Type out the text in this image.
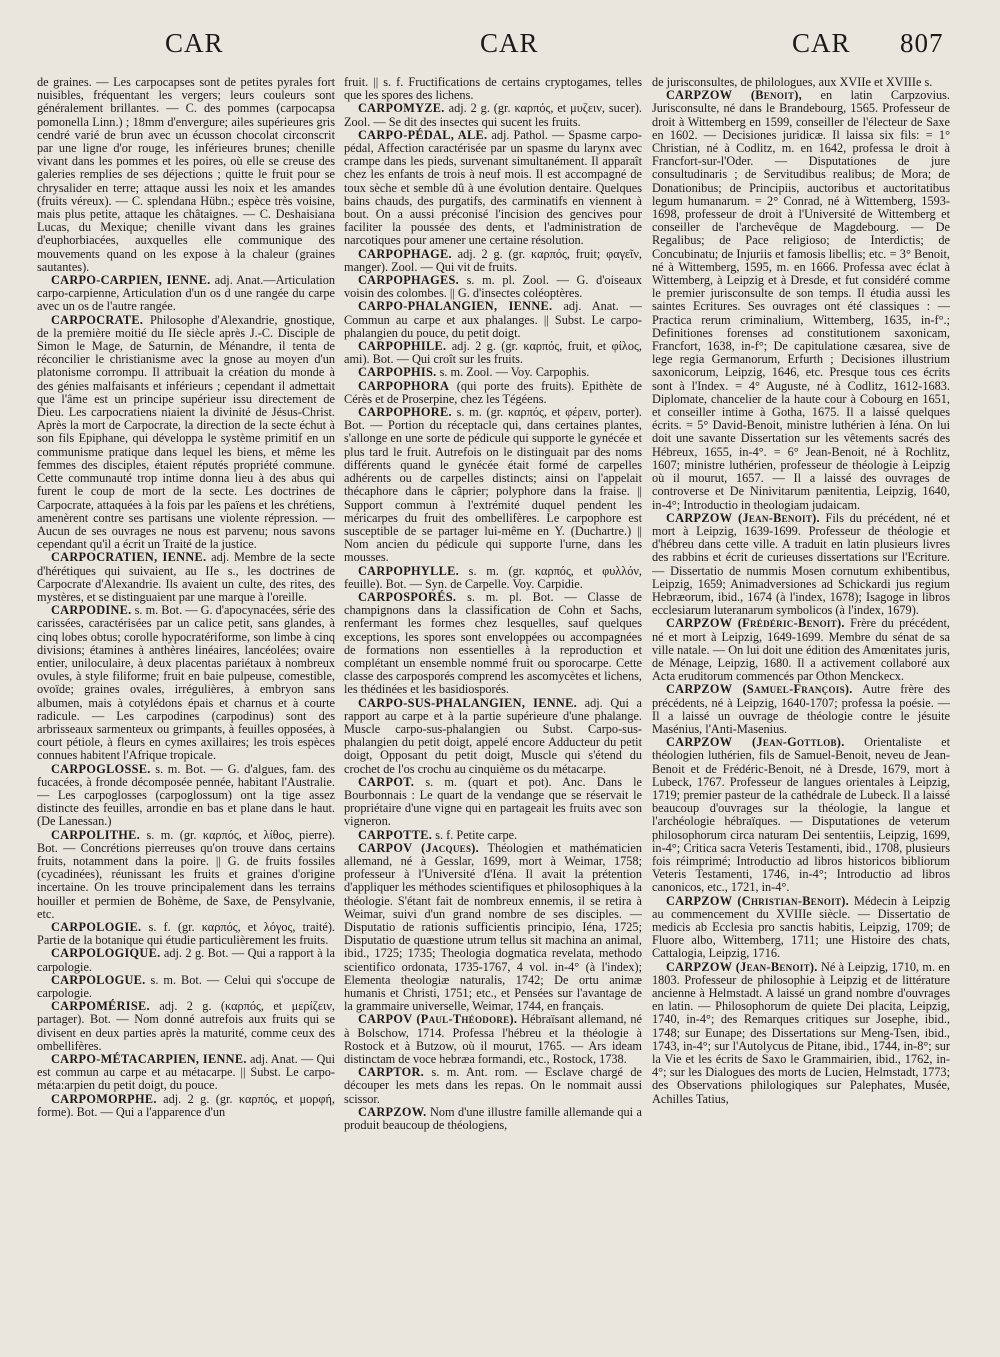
CAR	CAR	CAR 807

de graines. — Les carpocapses sont de petites pyrales fort nuisibles, fréquentant les vergers; leurs couleurs sont généralement brillantes. — C. des pommes (carpocapsa pomonella Linn.) ; 18mm d'envergure; ailes supérieures gris cendré varié de brun avec un écusson chocolat circonscrit par une ligne d'or rouge, les inférieures brunes; chenille vivant dans les pommes et les poires, où elle se creuse des galeries remplies de ses déjections ; quitte le fruit pour se chrysalider en terre; attaque aussi les noix et les amandes (fruits véreux). — C. splendana Hübn.; espèce très voisine, mais plus petite, attaque les châtaignes. — C. Deshaisiana Lucas, du Mexique; chenille vivant dans les graines d'euphorbiacées, auxquelles elle communique des mouvements quand on les expose à la chaleur (graines sautantes).

CARPO-CARPIEN, IENNE. adj. Anat.—Articulation carpo-carpienne, Articulation d'un os d une rangée du carpe avec un os de l'autre rangée.

CARPOCRATE. Philosophe d'Alexandrie, gnostique, de la première moitié du IIe siècle après J.-C. Disciple de Simon le Mage, de Saturnin, de Ménandre, il tenta de réconcilier le christianisme avec la gnose au moyen d'un platonisme corrompu. Il attribuait la création du monde à des génies malfaisants et inférieurs ; cependant il admettait que l'âme est un principe supérieur issu directement de Dieu. Les carpocratiens niaient la divinité de Jésus-Christ. Après la mort de Carpocrate, la direction de la secte échut à son fils Epiphane, qui développa le système primitif en un communisme pratique dans lequel les biens, et même les femmes des disciples, étaient réputés propriété commune. Cette communauté trop intime donna lieu à des abus qui furent le coup de mort de la secte. Les doctrines de Carpocrate, attaquées à la fois par les païens et les chrétiens, amenèrent contre ses partisans une violente répression. — Aucun de ses ouvrages ne nous est parvenu; nous savons cependant qu'il a écrit un Traité de la justice.

CARPOCRATIEN, IENNE. adj. Membre de la secte d'hérétiques qui suivaient, au IIe s., les doctrines de Carpocrate d'Alexandrie. Ils avaient un culte, des rites, des mystères, et se distinguaient par une marque à l'oreille.

CARPODINE. s. m. Bot. — G. d'apocynacées, série des carissées, caractérisées par un calice petit, sans glandes, à cinq lobes obtus; corolle hypocratériforme, son limbe à cinq divisions; étamines à anthères linéaires, lancéolées; ovaire entier, uniloculaire, à deux placentas pariétaux à nombreux ovules, à style filiforme; fruit en baie pulpeuse, comestible, ovoïde; graines ovales, irrégulières, à embryon sans albumen, mais à cotylédons épais et charnus et à courte radicule. — Les carpodines (carpodinus) sont des arbrisseaux sarmenteux ou grimpants, à feuilles opposées, à court pétiole, à fleurs en cymes axillaires; les trois espèces connues habitent l'Afrique tropicale.

CARPOGLOSSE. s. m. Bot. — G. d'algues, fam. des fucacées, à fronde décomposée pennée, habitant l'Australie. — Les carpoglosses (carpoglossum) ont la tige assez distincte des feuilles, arrondie en bas et plane dans le haut. (De Lanessan.)

CARPOLITHE. s. m. (gr. καρπός, et λίθος, pierre). Bot. — Concrétions pierreuses qu'on trouve dans certains fruits, notamment dans la poire. || G. de fruits fossiles (cycadinées), réunissant les fruits et graines d'origine incertaine. On les trouve principalement dans les terrains houiller et permien de Bohème, de Saxe, de Pensylvanie, etc.

CARPOLOGIE. s. f. (gr. καρπός, et λόγος, traité). Partie de la botanique qui étudie particulièrement les fruits.

CARPOLOGIQUE. adj. 2 g. Bot. — Qui a rapport à la carpologie.

CARPOLOGUE. s. m. Bot. — Celui qui s'occupe de carpologie.

CARPOMÉRISE. adj. 2 g. (καρπός, et μερίζειν, partager). Bot. — Nom donné autrefois aux fruits qui se divisent en deux parties après la maturité, comme ceux des ombellifères.

CARPO-MÉTACARPIEN, IENNE. adj. Anat. — Qui est commun au carpe et au métacarpe. || Subst. Le carpo-méta:arpien du petit doigt, du pouce.

CARPOMORPHE. adj. 2 g. (gr. καρπός, et μορφή, forme). Bot. — Qui a l'apparence d'un

fruit. || s. f. Fructifications de certains cryptogames, telles que les spores des lichens.

CARPOMYZE. adj. 2 g. (gr. καρπός, et μυζειν, sucer). Zool. — Se dit des insectes qui sucent les fruits.

CARPO-PÉDAL, ALE. adj. Pathol. — Spasme carpo-pédal, Affection caractérisée par un spasme du larynx avec crampe dans les pieds, survenant simultanément. Il apparaît chez les enfants de trois à neuf mois. Il est accompagné de toux sèche et semble dû à une évolution dentaire. Quelques bains chauds, des purgatifs, des carminatifs en viennent à bout. On a aussi préconisé l'incision des gencives pour faciliter la poussée des dents, et l'administration de narcotiques pour amener une certaine résolution.

CARPOPHAGE. adj. 2 g. (gr. καρπός, fruit; φαγεῖν, manger). Zool. — Qui vit de fruits.

CARPOPHAGES. s. m. pl. Zool. — G. d'oiseaux voisin des colombes. || G. d'insectes coléoptères.

CARPO-PHALANGIEN, IENNE. adj. Anat. — Commun au carpe et aux phalanges. || Subst. Le carpo-phalangien du pouce, du petit doigt.

CARPOPHILE. adj. 2 g. (gr. καρπός, fruit, et φίλος, ami). Bot. — Qui croît sur les fruits.

CARPOPHIS. s. m. Zool. — Voy. Carpophis.

CARPOPHORA (qui porte des fruits). Epithète de Cérès et de Proserpine, chez les Tégéens.

CARPOPHORE. s. m. (gr. καρπός, et φέρειν, porter). Bot. — Portion du réceptacle qui, dans certaines plantes, s'allonge en une sorte de pédicule qui supporte le gynécée et plus tard le fruit. Autrefois on le distinguait par des noms différents quand le gynécée était formé de carpelles adhérents ou de carpelles distincts; ainsi on l'appelait thécaphore dans le câprier; polyphore dans la fraise. || Support commun à l'extrémité duquel pendent les méricarpes du fruit des ombellifères. Le carpophore est susceptible de se partager lui-même en Y. (Duchartre.) || Nom ancien du pédicule qui supporte l'urne, dans les mousses.

CARPOPHYLLE. s. m. (gr. καρπός, et φυλλόν, feuille). Bot. — Syn. de Carpelle. Voy. Carpidie.

CARPOSPORÉS. s. m. pl. Bot. — Classe de champignons dans la classification de Cohn et Sachs, renfermant les formes chez lesquelles, sauf quelques exceptions, les spores sont enveloppées ou accompagnées de formations non essentielles à la reproduction et complétant un ensemble nommé fruit ou sporocarpe. Cette classe des carposporés comprend les ascomycètes et lichens, les thédinées et les basidiosporés.

CARPO-SUS-PHALANGIEN, IENNE. adj. Qui a rapport au carpe et à la partie supérieure d'une phalange. Muscle carpo-sus-phalangien ou Subst. Carpo-sus-phalangien du petit doigt, appelé encore Adducteur du petit doigt, Opposant du petit doigt, Muscle qui s'étend du crochet de l'os crochu au cinquième os du métacarpe.

CARPOT. s. m. (quart et pot). Anc. Dans le Bourbonnais : Le quart de la vendange que se réservait le propriétaire d'une vigne qui en partageait les fruits avec son vigneron.

CARPOTTE. s. f. Petite carpe.

CARPOV (Jacques). Théologien et mathématicien allemand, né à Gesslar, 1699, mort à Weimar, 1758; professeur à l'Université d'Iéna. Il avait la prétention d'appliquer les méthodes scientifiques et philosophiques à la théologie. S'étant fait de nombreux ennemis, il se retira à Weimar, suivi d'un grand nombre de ses disciples. — Disputatio de rationis sufficientis principio, Iéna, 1725; Disputatio de quæstione utrum tellus sit machina an animal, ibid., 1725; 1735; Theologia dogmatica revelata, methodo scientifico ordonata, 1735-1767, 4 vol. in-4° (à l'index); Elementa theologiæ naturalis, 1742; De ortu animæ humanis et Christi, 1751; etc., et Pensées sur l'avantage de la grammaire universelle, Weimar, 1744, en français.

CARPOV (Paul-Théodore). Hébraïsant allemand, né à Bolschow, 1714. Professa l'hébreu et la théologie à Rostock et à Butzow, où il mourut, 1765. — Ars ideam distinctam de voce hebræa formandi, etc., Rostock, 1738.

CARPTOR. s. m. Ant. rom. — Esclave chargé de découper les mets dans les repas. On le nommait aussi scissor.

CARPZOW. Nom d'une illustre famille allemande qui a produit beaucoup de théologiens,

de jurisconsultes, de philologues, aux XVIIe et XVIIIe s.

CARPZOW (Benoit), en latin Carpzovius. Jurisconsulte, né dans le Brandebourg, 1565. Professeur de droit à Wittemberg en 1599, conseiller de l'électeur de Saxe en 1602. — Decisiones juridicæ. Il laissa six fils: = 1° Christian, né à Codlitz, m. en 1642, professa le droit à Francfort-sur-l'Oder. — Disputationes de jure consultudinaris ; de Servitudibus realibus; de Mora; de Donationibus; de Principiis, auctoribus et auctoritatibus legum humanarum. = 2° Conrad, né à Wittemberg, 1593-1698, professeur de droit à l'Université de Wittemberg et conseiller de l'archevêque de Magdebourg. — De Regalibus; de Pace religioso; de Interdictis; de Concubinatu; de Injuriis et famosis libellis; etc. = 3° Benoit, né à Wittemberg, 1595, m. en 1666. Professa avec éclat à Wittemberg, à Leipzig et à Dresde, et fut considéré comme le premier jurisconsulte de son temps. Il étudia aussi les saintes Ecritures. Ses ouvrages ont été classiques : — Practica rerum criminalium, Wittemberg, 1635, in-f°.; Definitiones forenses ad constitutionem saxonicam, Francfort, 1638, in-f°; De capitulatione cæsarea, sive de lege regia Germanorum, Erfurth ; Decisiones illustrium saxonicorum, Leipzig, 1646, etc. Presque tous ces écrits sont à l'Index. = 4° Auguste, né à Codlitz, 1612-1683. Diplomate, chancelier de la haute cour à Cobourg en 1651, et conseiller intime à Gotha, 1675. Il a laissé quelques écrits. = 5° David-Benoit, ministre luthérien à Iéna. On lui doit une savante Dissertation sur les vêtements sacrés des Hébreux, 1655, in-4°. = 6° Jean-Benoit, né à Rochlitz, 1607; ministre luthérien, professeur de théologie à Leipzig où il mourut, 1657. — Il a laissé des ouvrages de controverse et De Ninivitarum pænitentia, Leipzig, 1640, in-4°; Introductio in theologiam judaicam.

CARPZOW (Jean-Benoit). Fils du précédent, né et mort à Leipzig, 1639-1699. Professeur de théologie et d'hébreu dans cette ville. A traduit en latin plusieurs livres des rabbins et écrit de curieuses dissertations sur l'Ecriture. — Dissertatio de nummis Mosen cornutum exhibentibus, Leipzig, 1659; Animadversiones ad Schickardi jus regium Hebræorum, ibid., 1674 (à l'index, 1678); Isagoge in libros ecclesiarum luteranarum symbolicos (à l'index, 1679).

CARPZOW (Frédéric-Benoit). Frère du précédent, né et mort à Leipzig, 1649-1699. Membre du sénat de sa ville natale. — On lui doit une édition des Amœnitates juris, de Ménage, Leipzig, 1680. Il a activement collaboré aux Acta eruditorum commencés par Othon Menckecx.

CARPZOW (Samuel-François). Autre frère des précédents, né à Leipzig, 1640-1707; professa la poésie. — Il a laissé un ouvrage de théologie contre le jésuite Masénius, l'Anti-Masenius.

CARPZOW (Jean-Gottlob). Orientaliste et théologien luthérien, fils de Samuel-Benoit, neveu de Jean-Benoit et de Frédéric-Benoit, né à Dresde, 1679, mort à Lubeck, 1767. Professeur de langues orientales à Leipzig, 1719; premier pasteur de la cathédrale de Lubeck. Il a laissé beaucoup d'ouvrages sur la théologie, la langue et l'archéologie hébraïques. — Disputationes de veterum philosophorum circa naturam Dei sententiis, Leipzig, 1699, in-4°; Critica sacra Veteris Testamenti, ibid., 1708, plusieurs fois réimprimé; Introductio ad libros historicos bibliorum Veteris Testamenti, 1746, in-4°; Introductio ad libros canonicos, etc., 1721, in-4°.

CARPZOW (Christian-Benoit). Médecin à Leipzig au commencement du XVIIIe siècle. — Dissertatio de medicis ab Ecclesia pro sanctis habitis, Leipzig, 1709; de Fluore albo, Wittemberg, 1711; une Histoire des chats, Cattalogia, Leipzig, 1716.

CARPZOW (Jean-Benoit). Né à Leipzig, 1710, m. en 1803. Professeur de philosophie à Leipzig et de littérature ancienne à Helmstadt. A laissé un grand nombre d'ouvrages en latin. — Philosophorum de quiete Dei placita, Leipzig, 1740, in-4°; des Remarques critiques sur Josephe, ibid., 1748; sur Eunape; des Dissertations sur Meng-Tsen, ibid., 1743, in-4°; sur l'Autolycus de Pitane, ibid., 1744, in-8°; sur la Vie et les écrits de Saxo le Grammairien, ibid., 1762, in-4°; sur les Dialogues des morts de Lucien, Helmstadt, 1773; des Observations philologiques sur Palephates, Musée, Achilles Tatius,
